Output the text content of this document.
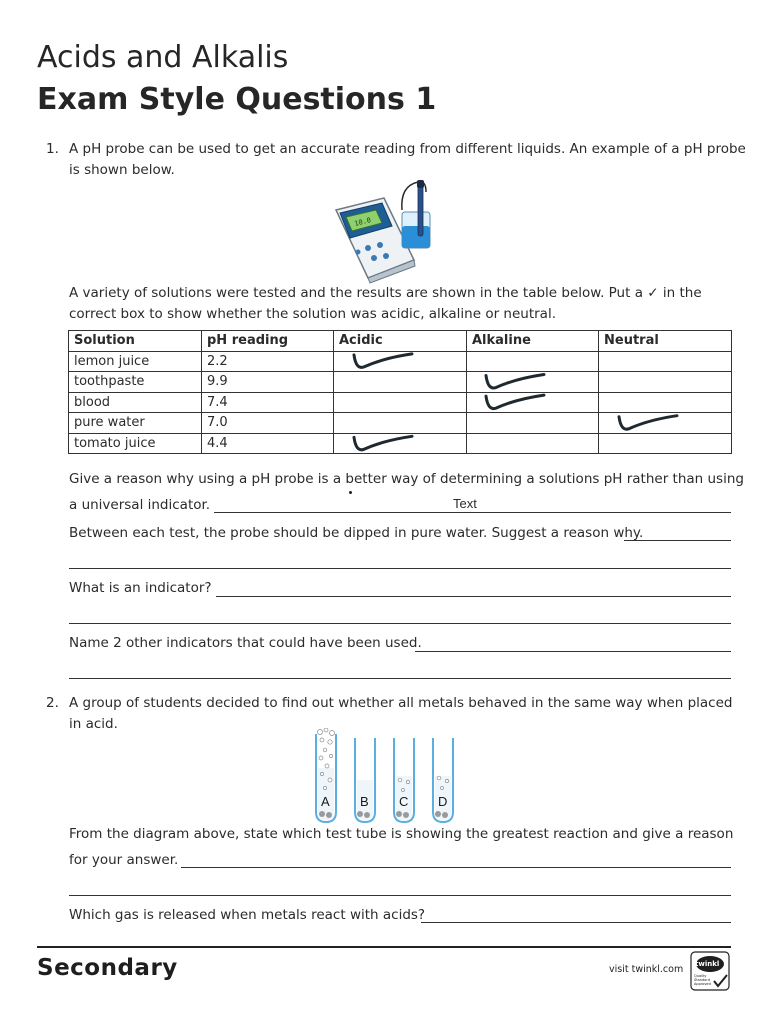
Acids and Alkalis
Exam Style Questions 1
1. A pH probe can be used to get an accurate reading from different liquids. An example of a pH probe
is shown below.
10.0
A variety of solutions were tested and the results are shown in the table below. Put a ✓ in the
correct box to show whether the solution was acidic, alkaline or neutral.
Solution	pH reading	Acidic	Alkaline	Neutral
lemon juice	2.2			
toothpaste	9.9			
blood	7.4			
pure water	7.0			
tomato juice	4.4			
Give a reason why using a pH probe is a better way of determining a solutions pH rather than using
a universal indicator.	Text
Between each test, the probe should be dipped in pure water. Suggest a reason why.
What is an indicator?
Name 2 other indicators that could have been used.
2. A group of students decided to find out whether all metals behaved in the same way when placed
in acid.
A B C D
From the diagram above, state which test tube is showing the greatest reaction and give a reason
for your answer.
Which gas is released when metals react with acids?
Secondary	visit twinkl.com twinkl
Quality Standard Approved
